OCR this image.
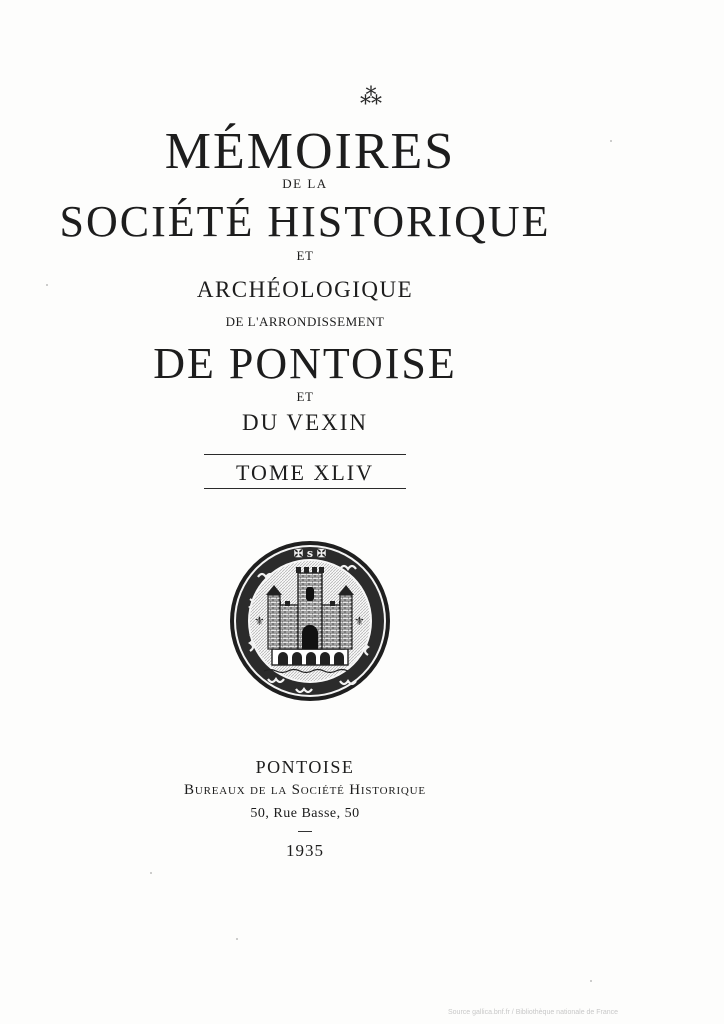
⁂
MÉMOIRES
DE LA
SOCIÉTÉ HISTORIQUE
ET
ARCHÉOLOGIQUE
DE L'ARRONDISSEMENT
DE PONTOISE
ET
DU VEXIN
TOME XLIV
✠ s ✠
⚜	⚜
PONTOISE
Bureaux de la Société Historique
50, Rue Basse, 50
1935
Source gallica.bnf.fr / Bibliothèque nationale de France
